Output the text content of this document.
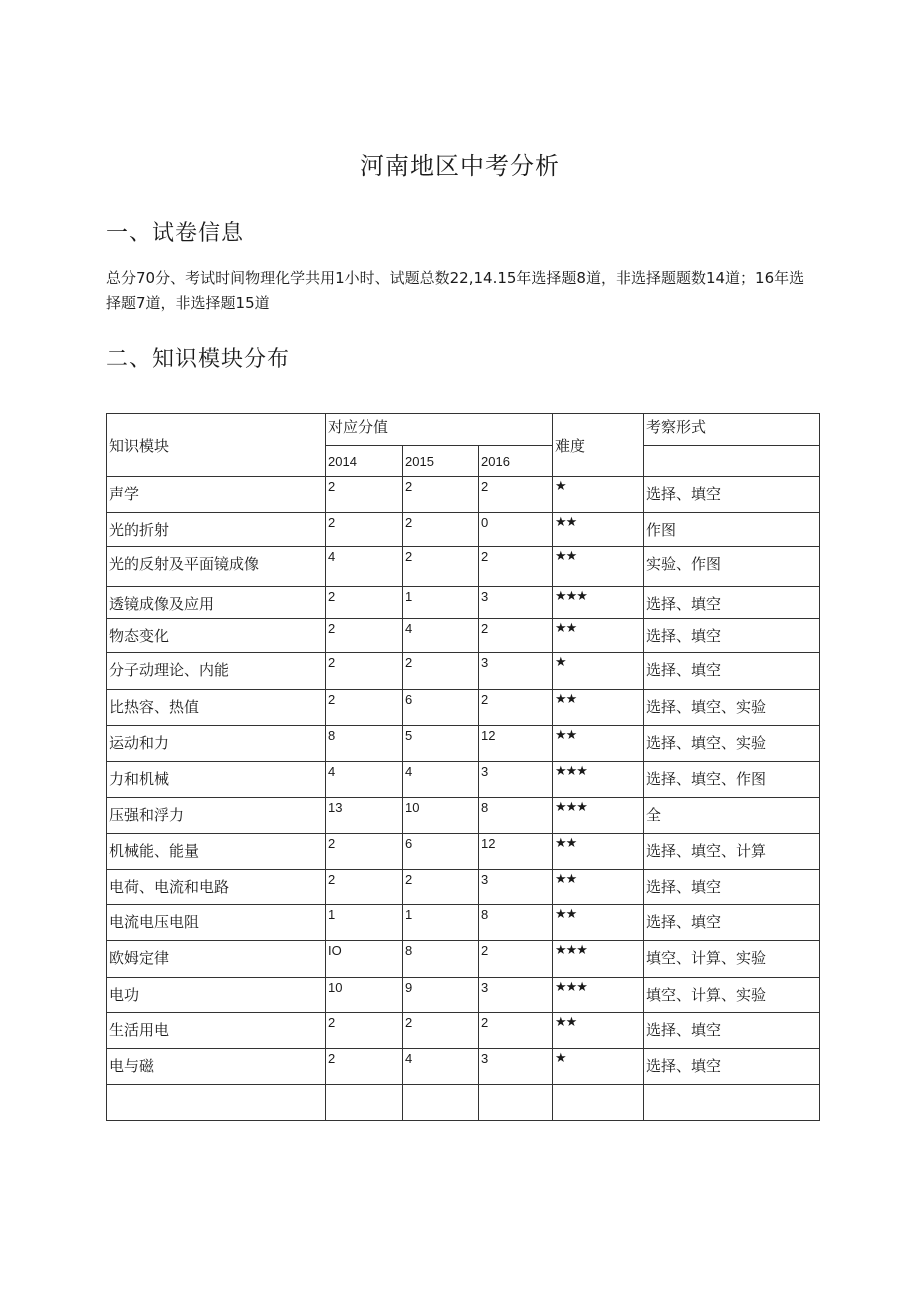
河南地区中考分析
一、试卷信息
总分70分、考试时间物理化学共用1小时、试题总数22,14.15年选择题8道，非选择题题数14道；16年选择题7道，非选择题15道
二、知识模块分布
知识模块	对应分值			难度	考察形式
	2014	2015	2016		
声学	2	2	2	★	选择、填空
光的折射	2	2	0	★★	作图
光的反射及平面镜成像	4	2	2	★★	实验、作图
透镜成像及应用	2	1	3	★★★	选择、填空
物态变化	2	4	2	★★	选择、填空
分子动理论、内能	2	2	3	★	选择、填空
比热容、热值	2	6	2	★★	选择、填空、实验
运动和力	8	5	12	★★	选择、填空、实验
力和机械	4	4	3	★★★	选择、填空、作图
压强和浮力	13	10	8	★★★	全
机械能、能量	2	6	12	★★	选择、填空、计算
电荷、电流和电路	2	2	3	★★	选择、填空
电流电压电阻	1	1	8	★★	选择、填空
欧姆定律	IO	8	2	★★★	填空、计算、实验
电功	10	9	3	★★★	填空、计算、实验
生活用电	2	2	2	★★	选择、填空
电与磁	2	4	3	★	选择、填空
